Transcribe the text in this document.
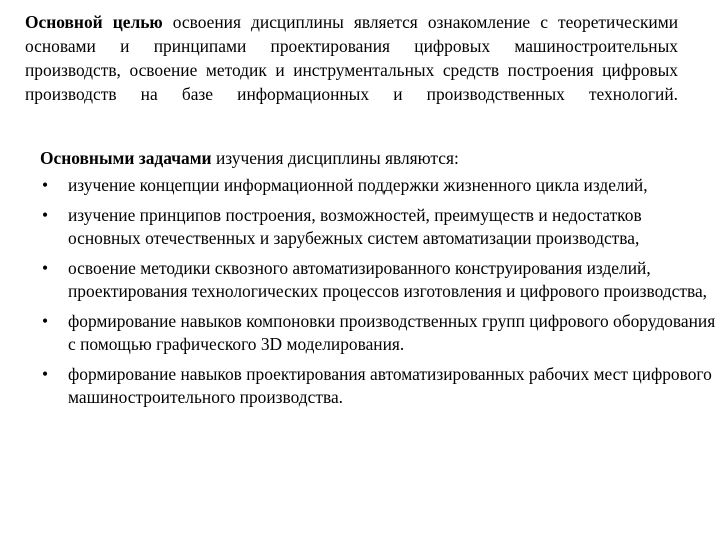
Основной целью освоения дисциплины является ознакомление с теоретическими основами и принципами проектирования цифровых машиностроительных производств, освоение методик и инструментальных средств построения цифровых производств на базе информационных и производственных технологий.

Основными задачами изучения дисциплины являются:

• изучение концепции информационной поддержки жизненного цикла изделий,
• изучение принципов построения, возможностей, преимуществ и недостатков основных отечественных и зарубежных систем автоматизации производства,
• освоение методики сквозного автоматизированного конструирования изделий, проектирования технологических процессов изготовления и цифрового производства,
• формирование навыков компоновки производственных групп цифрового оборудования с помощью графического 3D моделирования.
• формирование навыков проектирования автоматизированных рабочих мест цифрового машиностроительного производства.
